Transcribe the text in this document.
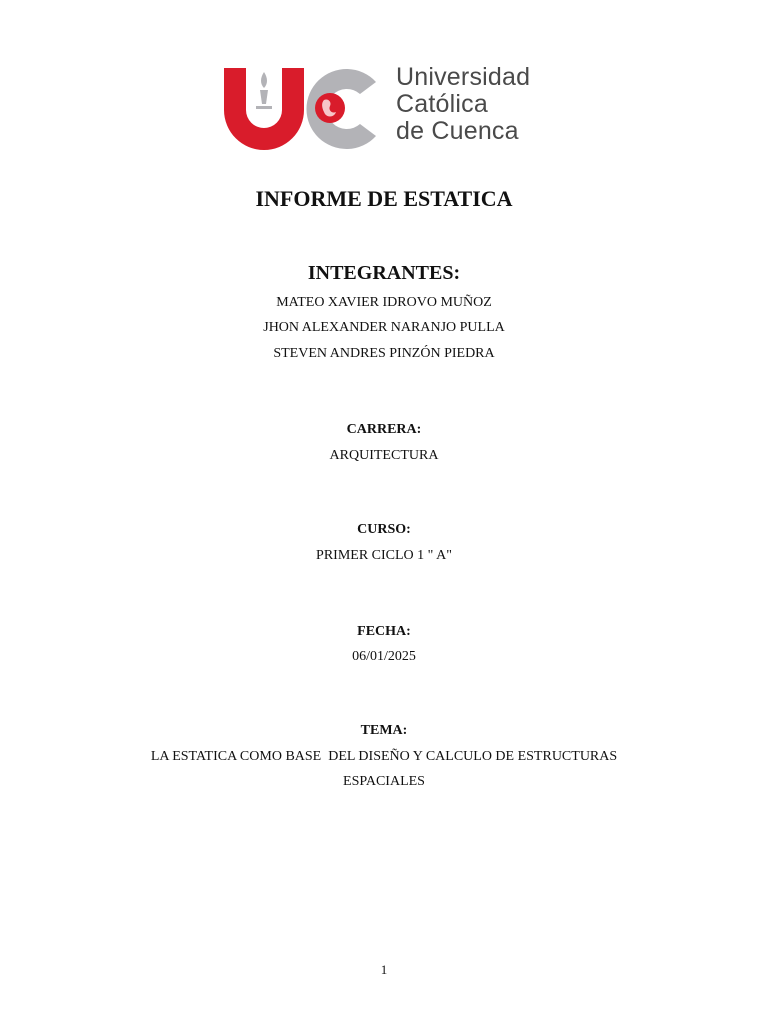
Universidad
Católica
de Cuenca
INFORME DE ESTATICA
INTEGRANTES:
MATEO XAVIER IDROVO MUÑOZ
JHON ALEXANDER NARANJO PULLA
STEVEN ANDRES PINZÓN PIEDRA
CARRERA:
ARQUITECTURA
CURSO:
PRIMER CICLO 1 " A"
FECHA:
06/01/2025
TEMA:
LA ESTATICA COMO BASE  DEL DISEÑO Y CALCULO DE ESTRUCTURAS
ESPACIALES
1
